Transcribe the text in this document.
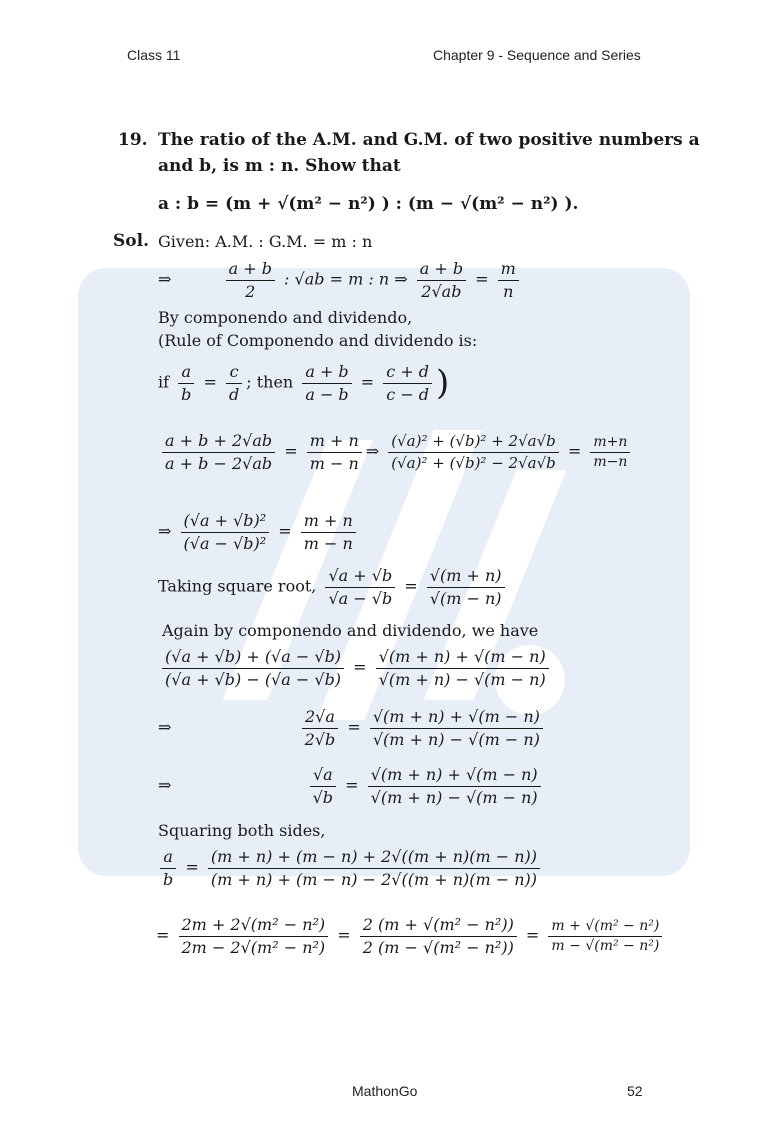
Class 11	Chapter 9 - Sequence and Series
19. The ratio of the A.M. and G.M. of two positive numbers a
and b, is m : n. Show that
a : b = (m + √(m² − n²) ) : (m − √(m² − n²) ).
Sol. Given: A.M. : G.M. = m : n
⇒	$\frac{a + b}{2}$ : √ab = m : n ⇒ $\frac{a + b}{2√ab} = \frac{m}{n}$
By componendo and dividendo,
(Rule of Componendo and dividendo is:
if $\frac{a}{b} = \frac{c}{d}$ ; then $\frac{a + b}{a - b} = \frac{c + d}{c - d}$ )
$\frac{a + b + 2√ab}{a + b - 2√ab} = \frac{m + n}{m - n}$ ⇒ $\frac{\text{(√a)² + (√b)² + 2√a√b}}{\text{(√a)² + (√b)² − 2√a√b}} = \frac{m+n}{m-n}$
⇒ $\frac{\text{(√a + √b)²}}{\text{(√a − √b)²}} = \frac{m + n}{m - n}$
Taking square root, $\frac{√a + √b}{√a - √b} = \frac{√(m + n)}{√(m - n)}$
Again by componendo and dividendo, we have
$\frac{(√a + √b) + (√a - √b)}{(√a + √b) - (√a - √b)} = \frac{√(m + n) + √(m - n)}{√(m + n) - √(m - n)}$
⇒	$\frac{2√a}{2√b} = \frac{√(m + n) + √(m - n)}{√(m + n) - √(m - n)}$
⇒	$\frac{√a}{√b} = \frac{√(m + n) + √(m - n)}{√(m + n) - √(m - n)}$
Squaring both sides,
$\frac{a}{b} = \frac{(m + n) + (m - n) + 2√((m + n)(m - n))}{(m + n) + (m - n) - 2√((m + n)(m - n))}$
= $\frac{\text{2m + 2√(m² − n²)}}{\text{2m − 2√(m² − n²)}} = \frac{\text{2 (m + √(m² − n²))}}{\text{2 (m − √(m² − n²))}} = \frac{\text{m + √(m² − n²)}}{\text{m − √(m² − n²)}}$
MathonGo	52
